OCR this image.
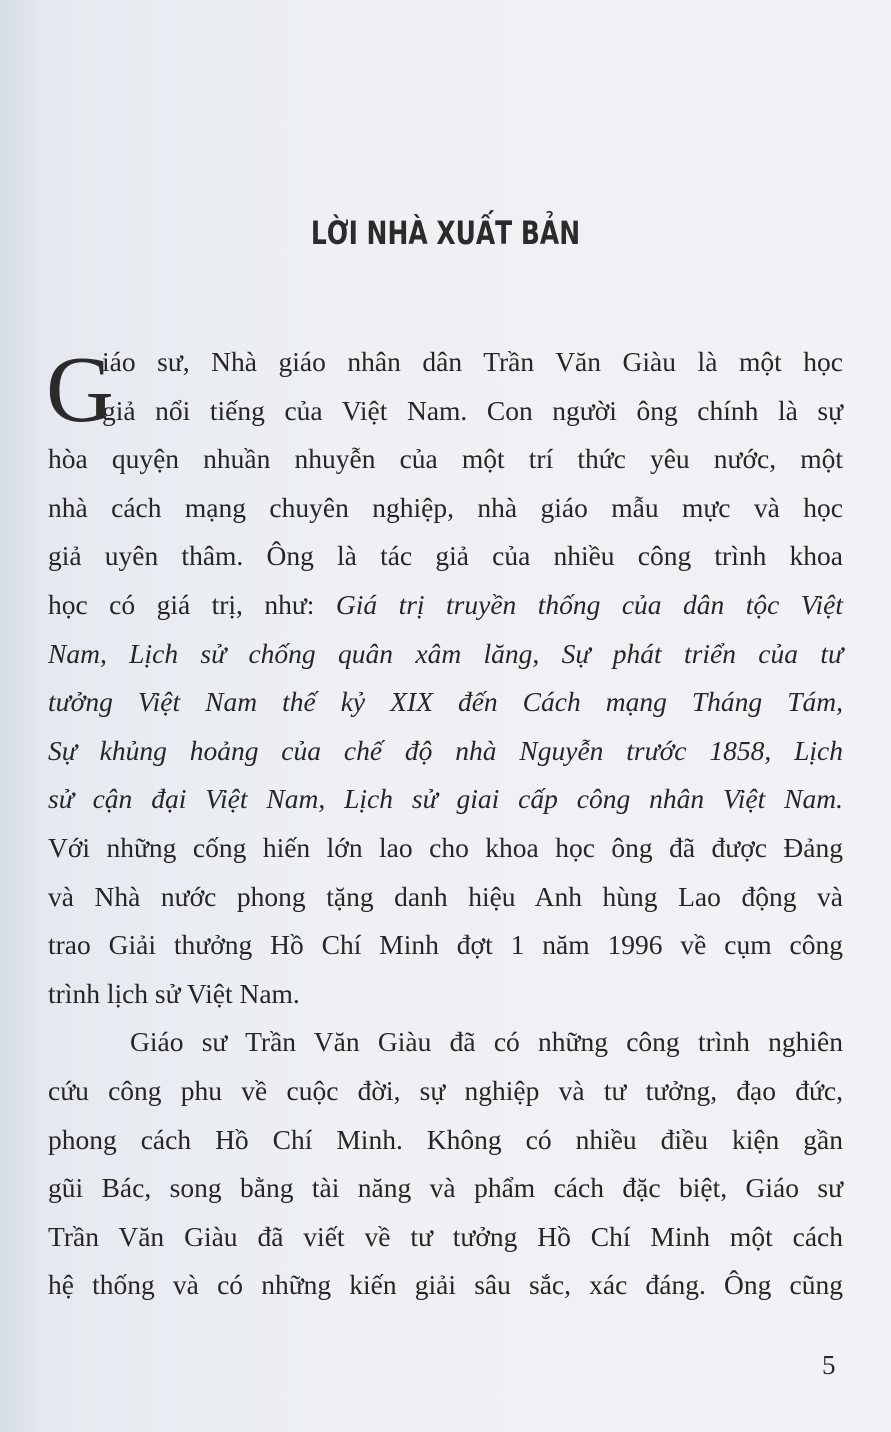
LỜI NHÀ XUẤT BẢN
G
iáo sư, Nhà giáo nhân dân Trần Văn Giàu là một học
giả nổi tiếng của Việt Nam. Con người ông chính là sự
hòa quyện nhuần nhuyễn của một trí thức yêu nước, một
nhà cách mạng chuyên nghiệp, nhà giáo mẫu mực và học
giả uyên thâm. Ông là tác giả của nhiều công trình khoa
học có giá trị, như: Giá trị truyền thống của dân tộc Việt
Nam, Lịch sử chống quân xâm lăng, Sự phát triển của tư
tưởng Việt Nam thế kỷ XIX đến Cách mạng Tháng Tám,
Sự khủng hoảng của chế độ nhà Nguyễn trước 1858, Lịch
sử cận đại Việt Nam, Lịch sử giai cấp công nhân Việt Nam.
Với những cống hiến lớn lao cho khoa học ông đã được Đảng
và Nhà nước phong tặng danh hiệu Anh hùng Lao động và
trao Giải thưởng Hồ Chí Minh đợt 1 năm 1996 về cụm công
trình lịch sử Việt Nam.
Giáo sư Trần Văn Giàu đã có những công trình nghiên
cứu công phu về cuộc đời, sự nghiệp và tư tưởng, đạo đức,
phong cách Hồ Chí Minh. Không có nhiều điều kiện gần
gũi Bác, song bằng tài năng và phẩm cách đặc biệt, Giáo sư
Trần Văn Giàu đã viết về tư tưởng Hồ Chí Minh một cách
hệ thống và có những kiến giải sâu sắc, xác đáng. Ông cũng
5
